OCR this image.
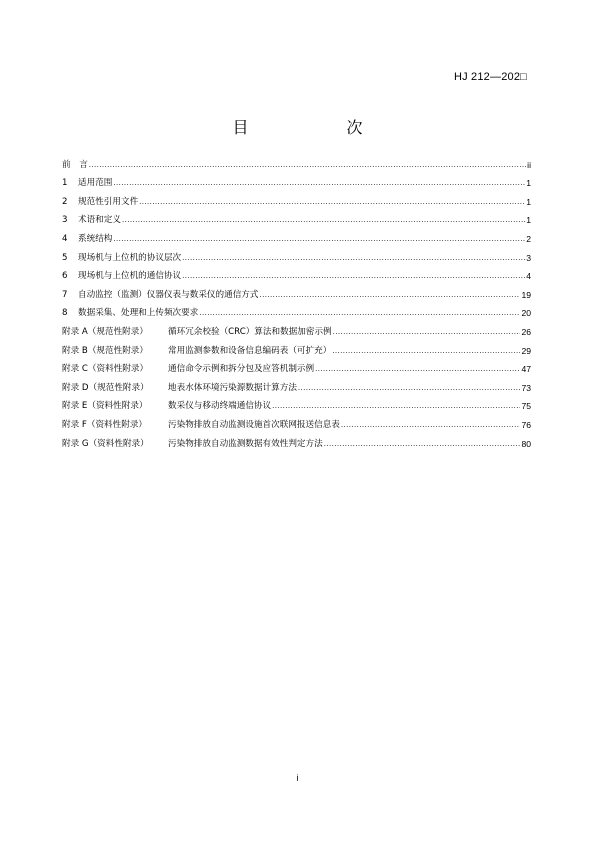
HJ 212—202□
目　　次
前　言 .....	ii
1	适用范围 .....	1
2	规范性引用文件 .....	1
3	术语和定义 .....	1
4	系统结构 .....	2
5	现场机与上位机的协议层次 .....	3
6	现场机与上位机的通信协议 .....	4
7	自动监控（监测）仪器仪表与数采仪的通信方式 .....	19
8	数据采集、处理和上传频次要求 .....	20
附录 A（规范性附录）	循环冗余校验（CRC）算法和数据加密示例 .....	26
附录 B（规范性附录）	常用监测参数和设备信息编码表（可扩充） .....	29
附录 C（资料性附录）	通信命令示例和拆分包及应答机制示例 .....	47
附录 D（规范性附录）	地表水体环境污染源数据计算方法 .....	73
附录 E（资料性附录）	数采仪与移动终端通信协议 .....	75
附录 F（资料性附录）	污染物排放自动监测设施首次联网报送信息表 .....	76
附录 G（资料性附录）	污染物排放自动监测数据有效性判定方法 .....	80
i
